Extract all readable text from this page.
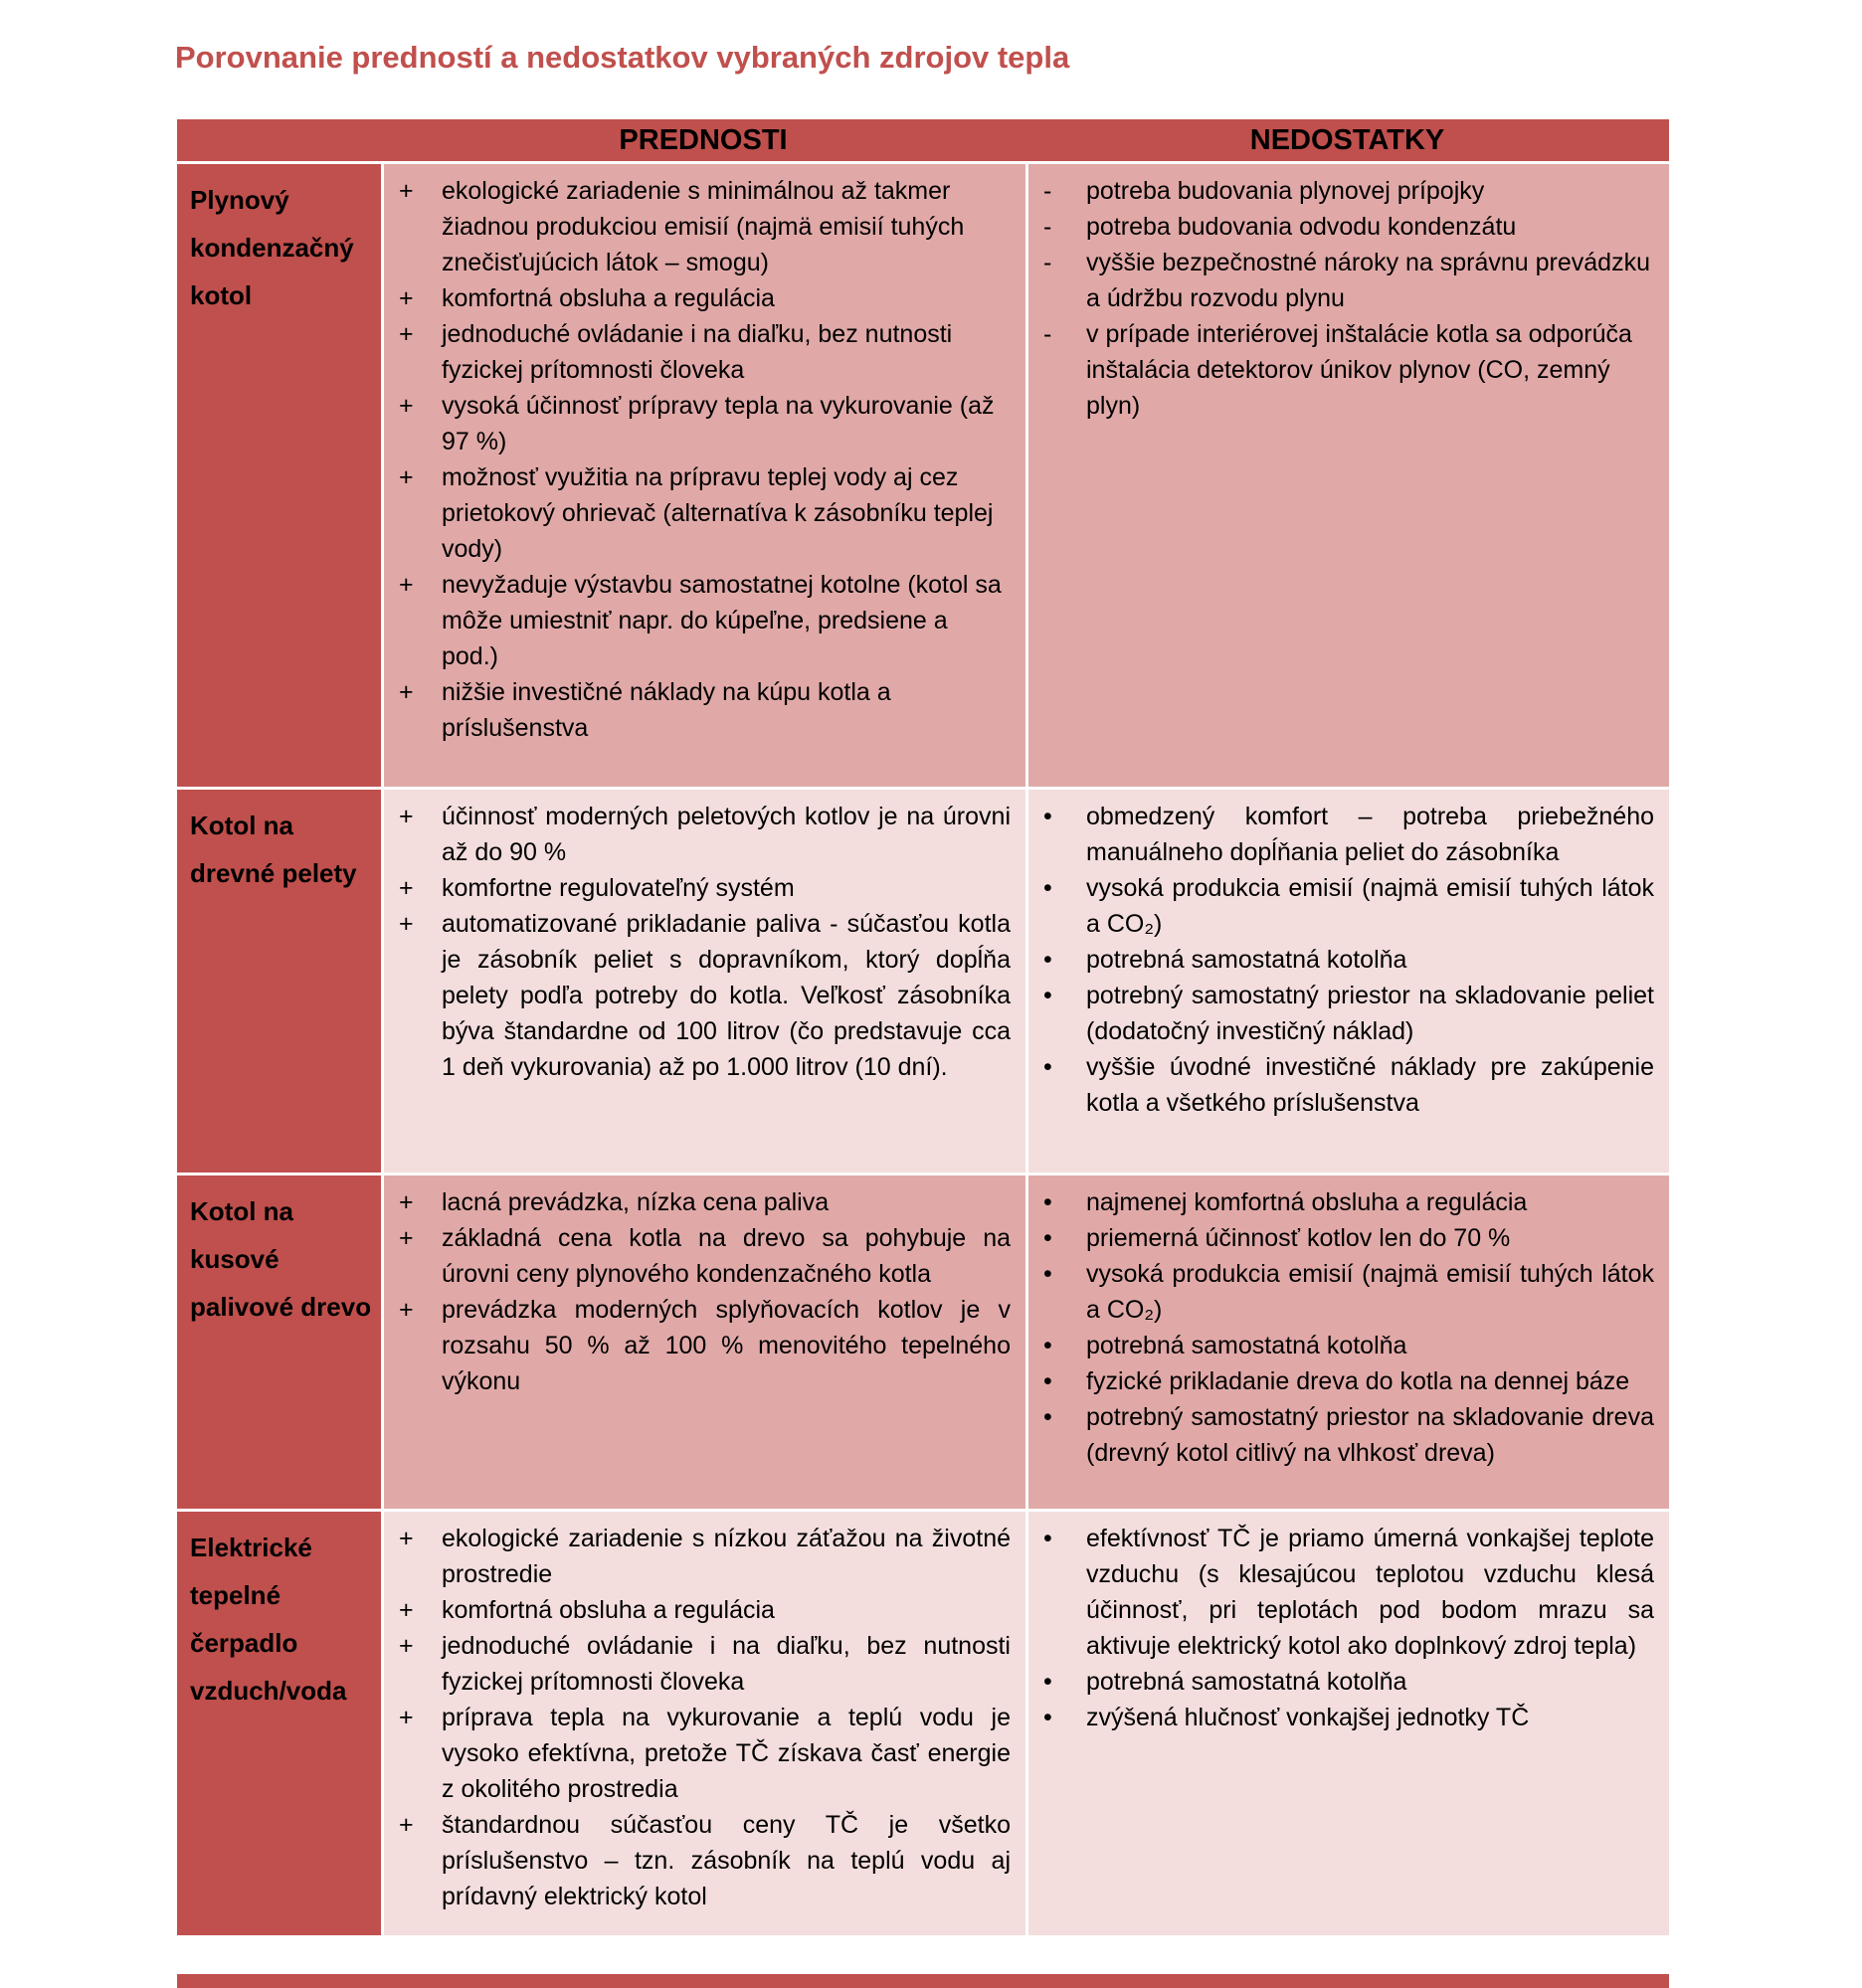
Porovnanie predností a nedostatkov vybraných zdrojov tepla
PREDNOSTI	NEDOSTATKY
Plynový kondenzačný kotol
+	ekologické zariadenie s minimálnou až takmer žiadnou produkciou emisií (najmä emisií tuhých znečisťujúcich látok – smogu)
+	komfortná obsluha a regulácia
+	jednoduché ovládanie i na diaľku, bez nutnosti fyzickej prítomnosti človeka
+	vysoká účinnosť prípravy tepla na vykurovanie (až 97 %)
+	možnosť využitia na prípravu teplej vody aj cez prietokový ohrievač (alternatíva k zásobníku teplej vody)
+	nevyžaduje výstavbu samostatnej kotolne (kotol sa môže umiestniť napr. do kúpeľne, predsiene a pod.)
+	nižšie investičné náklady na kúpu kotla a príslušenstva
-	potreba budovania plynovej prípojky
-	potreba budovania odvodu kondenzátu
-	vyššie bezpečnostné nároky na správnu prevádzku a údržbu rozvodu plynu
-	v prípade interiérovej inštalácie kotla sa odporúča inštalácia detektorov únikov plynov (CO, zemný plyn)
Kotol na drevné pelety
+	účinnosť moderných peletových kotlov je na úrovni až do 90 %
+	komfortne regulovateľný systém
+	automatizované prikladanie paliva - súčasťou kotla je zásobník peliet s dopravníkom, ktorý dopĺňa pelety podľa potreby do kotla. Veľkosť zásobníka býva štandardne od 100 litrov (čo predstavuje cca 1 deň vykurovania) až po 1.000 litrov (10 dní).
•	obmedzený komfort – potreba priebežného manuálneho dopĺňania peliet do zásobníka
•	vysoká produkcia emisií (najmä emisií tuhých látok a CO₂)
•	potrebná samostatná kotolňa
•	potrebný samostatný priestor na skladovanie peliet (dodatočný investičný náklad)
•	vyššie úvodné investičné náklady pre zakúpenie kotla a všetkého príslušenstva
Kotol na kusové palivové drevo
+	lacná prevádzka, nízka cena paliva
+	základná cena kotla na drevo sa pohybuje na úrovni ceny plynového kondenzačného kotla
+	prevádzka moderných splyňovacích kotlov je v rozsahu 50 % až 100 % menovitého tepelného výkonu
•	najmenej komfortná obsluha a regulácia
•	priemerná účinnosť kotlov len do 70 %
•	vysoká produkcia emisií (najmä emisií tuhých látok a CO₂)
•	potrebná samostatná kotolňa
•	fyzické prikladanie dreva do kotla na dennej báze
•	potrebný samostatný priestor na skladovanie dreva (drevný kotol citlivý na vlhkosť dreva)
Elektrické tepelné čerpadlo vzduch/voda
+	ekologické zariadenie s nízkou záťažou na životné prostredie
+	komfortná obsluha a regulácia
+	jednoduché ovládanie i na diaľku, bez nutnosti fyzickej prítomnosti človeka
+	príprava tepla na vykurovanie a teplú vodu je vysoko efektívna, pretože TČ získava časť energie z okolitého prostredia
+	štandardnou súčasťou ceny TČ je všetko príslušenstvo – tzn. zásobník na teplú vodu aj prídavný elektrický kotol
•	efektívnosť TČ je priamo úmerná vonkajšej teplote vzduchu (s klesajúcou teplotou vzduchu klesá účinnosť, pri teplotách pod bodom mrazu sa aktivuje elektrický kotol ako doplnkový zdroj tepla)
•	potrebná samostatná kotolňa
•	zvýšená hlučnosť vonkajšej jednotky TČ
